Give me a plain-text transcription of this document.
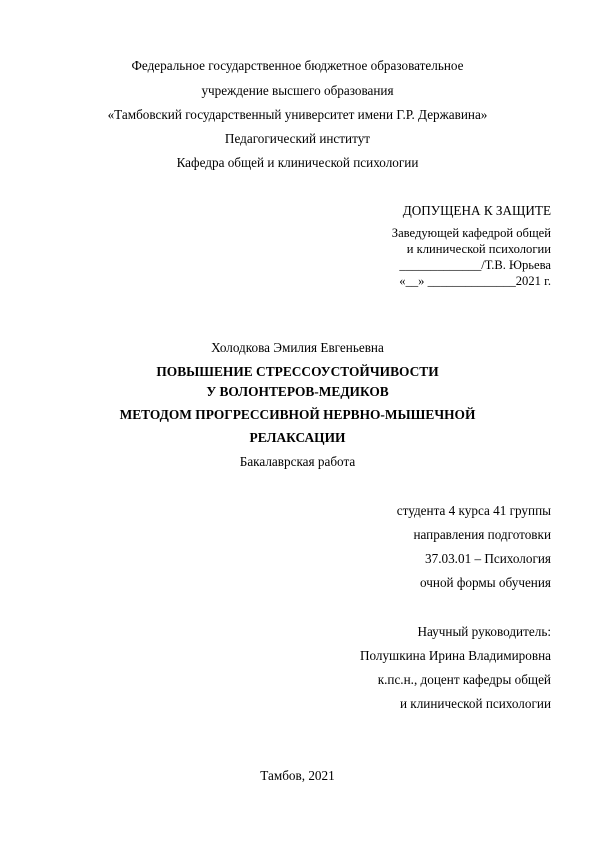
Федеральное государственное бюджетное образовательное
учреждение высшего образования
«Тамбовский государственный университет имени Г.Р. Державина»
Педагогический институт
Кафедра общей и клинической психологии
ДОПУЩЕНА К ЗАЩИТЕ
Заведующей кафедрой общей
и клинической психологии
_____________/Т.В. Юрьева
«__» ______________2021 г.
Холодкова Эмилия Евгеньевна
ПОВЫШЕНИЕ СТРЕССОУСТОЙЧИВОСТИ
У ВОЛОНТЕРОВ-МЕДИКОВ
МЕТОДОМ ПРОГРЕССИВНОЙ НЕРВНО-МЫШЕЧНОЙ
РЕЛАКСАЦИИ
Бакалаврская работа
студента 4 курса 41 группы
направления подготовки
37.03.01 – Психология
очной формы обучения
Научный руководитель:
Полушкина Ирина Владимировна
к.пс.н., доцент кафедры общей
и клинической психологии
Тамбов, 2021
